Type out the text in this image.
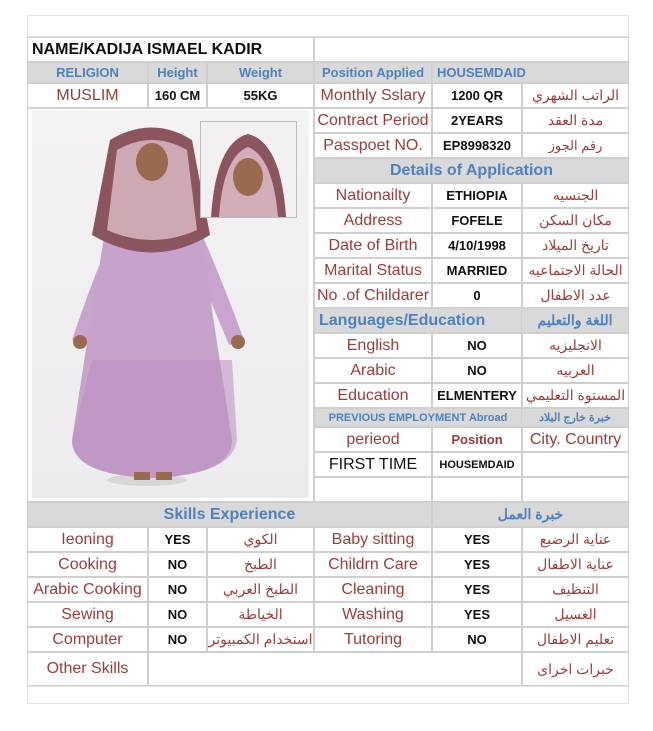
NAME/KADIJA ISMAEL KADIR
RELIGION	Height	Weight	Position Applied HOUSEMDAID
MUSLIM	160 CM	55KG	Monthly Sslary	1200 QR	الراتب الشهري
Contract Period	2YEARS	مدة العقد
Passpoet NO.	EP8998320	رقم الجوز
Details of Application
Nationailty	ETHIOPIA	الجنسيه
Address	FOFELE	مكان السكن
Date of Birth	4/10/1998	تاريخ الميلاد
Marital Status	MARRIED	الحالة الاجتماعيه
No .of Childarer	0	عدد الاطفال
Languages/Education	اللغة والتعليم
English	NO	الانجليزيه
Arabic	NO	العربيه
Education	ELMENTERY المستوة التعليمي
PREVIOUS EMPLOYMENT Abroad	خبرة خارج البلاد
perieod	Position	City. Country
FIRST TIME	HOUSEMDAID
Skills Experience	خبرة العمل
Ieoning	YES	الكوي	Baby sitting	YES	عناية الرضيع
Cooking	NO	الطبخ	Childrn Care	YES	عناية الاطفال
Arabic Cooking	NO	الطبخ العربي	Cleaning	YES	التنظيف
Sewing	NO	الخياطة	Washing	YES	الغسيل
Computer	NO	استخدام الكمبيوتر	Tutoring	NO	تعليم الاطفال
Other Skills	خبرات اخراى
